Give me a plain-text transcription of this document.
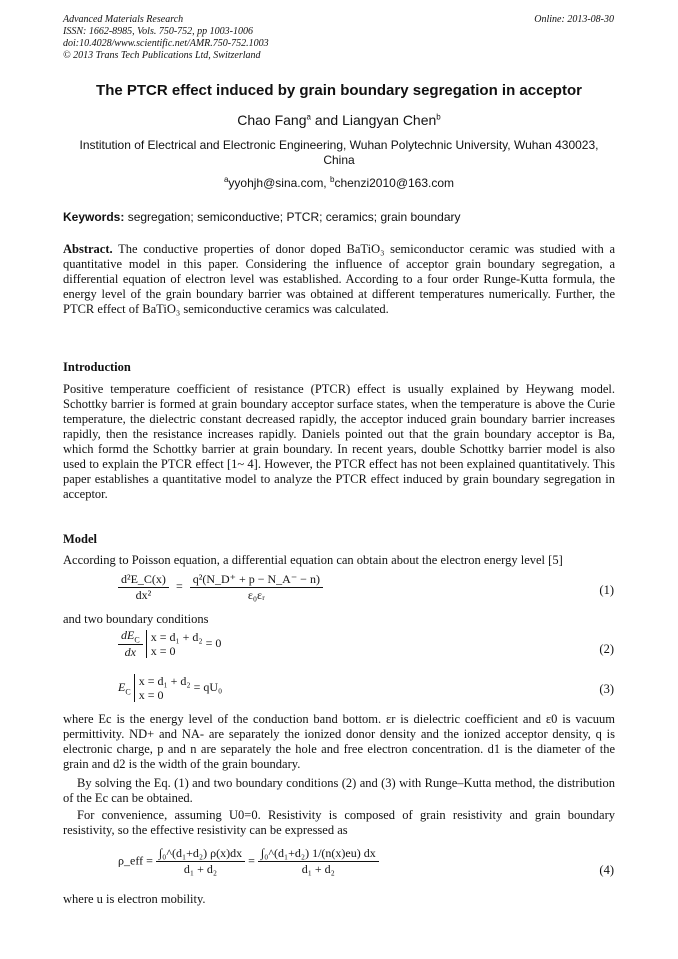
Advanced Materials Research
ISSN: 1662-8985, Vols. 750-752, pp 1003-1006
doi:10.4028/www.scientific.net/AMR.750-752.1003
© 2013 Trans Tech Publications Ltd, Switzerland
Online: 2013-08-30
The PTCR effect induced by grain boundary segregation in acceptor
Chao Fang$^a$ and Liangyan Chen$^b$
Institution of Electrical and Electronic Engineering, Wuhan Polytechnic University, Wuhan 430023, China
$^a$yyohjh@sina.com, $^b$chenzi2010@163.com
Keywords: segregation; semiconductive; PTCR; ceramics; grain boundary
Abstract. The conductive properties of donor doped BaTiO₃ semiconductor ceramic was studied with a quantitative model in this paper. Considering the influence of acceptor grain boundary segregation, a differential equation of electron level was established. According to a four order Runge-Kutta formula, the energy level of the grain boundary barrier was obtained at different temperatures numerically. Further, the PTCR effect of BaTiO₃ semiconductive ceramics was calculated.
Introduction
Positive temperature coefficient of resistance (PTCR) effect is usually explained by Heywang model. Schottky barrier is formed at grain boundary acceptor surface states, when the temperature is above the Curie temperature, the dielectric constant decreased rapidly, the acceptor induced grain boundary barrier increases rapidly, then the resistance increases rapidly. Daniels pointed out that the grain boundary acceptor is Ba, which formd the Schottky barrier at grain boundary. In recent years, double Schottky barrier model is also used to explain the PTCR effect [1~ 4]. However, the PTCR effect has not been explained quantitatively. This paper establishes a quantitative model to analyze the PTCR effect induced by grain boundary segregation in acceptor.
Model
According to Poisson equation, a differential equation can obtain about the electron energy level [5]
$\frac{\text{d²E\_C(x)}}{\text{dx²}} = \frac{\text{q²(N\_D⁺ + p − N\_A⁻ − n)}}{\text{ε₀εᵣ}}$	(1)
and two boundary conditions
$\frac{dE_C}{dx}$ x = d₁ + d₂
x = 0 = 0	(2)
$E_C$ x = d₁ + d₂
x = 0 = qU₀	(3)
where Ec is the energy level of the conduction band bottom. εr is dielectric coefficient and ε0 is vacuum permittivity. ND+ and NA- are separately the ionized donor density and the ionized acceptor density, q is electronic charge, p and n are separately the hole and free electron concentration. d1 is the diameter of the grain and d2 is the width of the grain boundary.
By solving the Eq. (1) and two boundary conditions (2) and (3) with Runge–Kutta method, the distribution of the Ec can be obtained.
For convenience, assuming U0=0. Resistivity is composed of grain resistivity and grain boundary resistivity, so the effective resistivity can be expressed as
ρ_eff = $\frac{\text{∫₀\textasciicircum{}(d₁+d₂) ρ(x)dx}}{\text{d₁ + d₂}} = \frac{\text{∫₀\textasciicircum{}(d₁+d₂) 1/(n(x)eu) dx}}{\text{d₁ + d₂}}$	(4)
where u is electron mobility.
